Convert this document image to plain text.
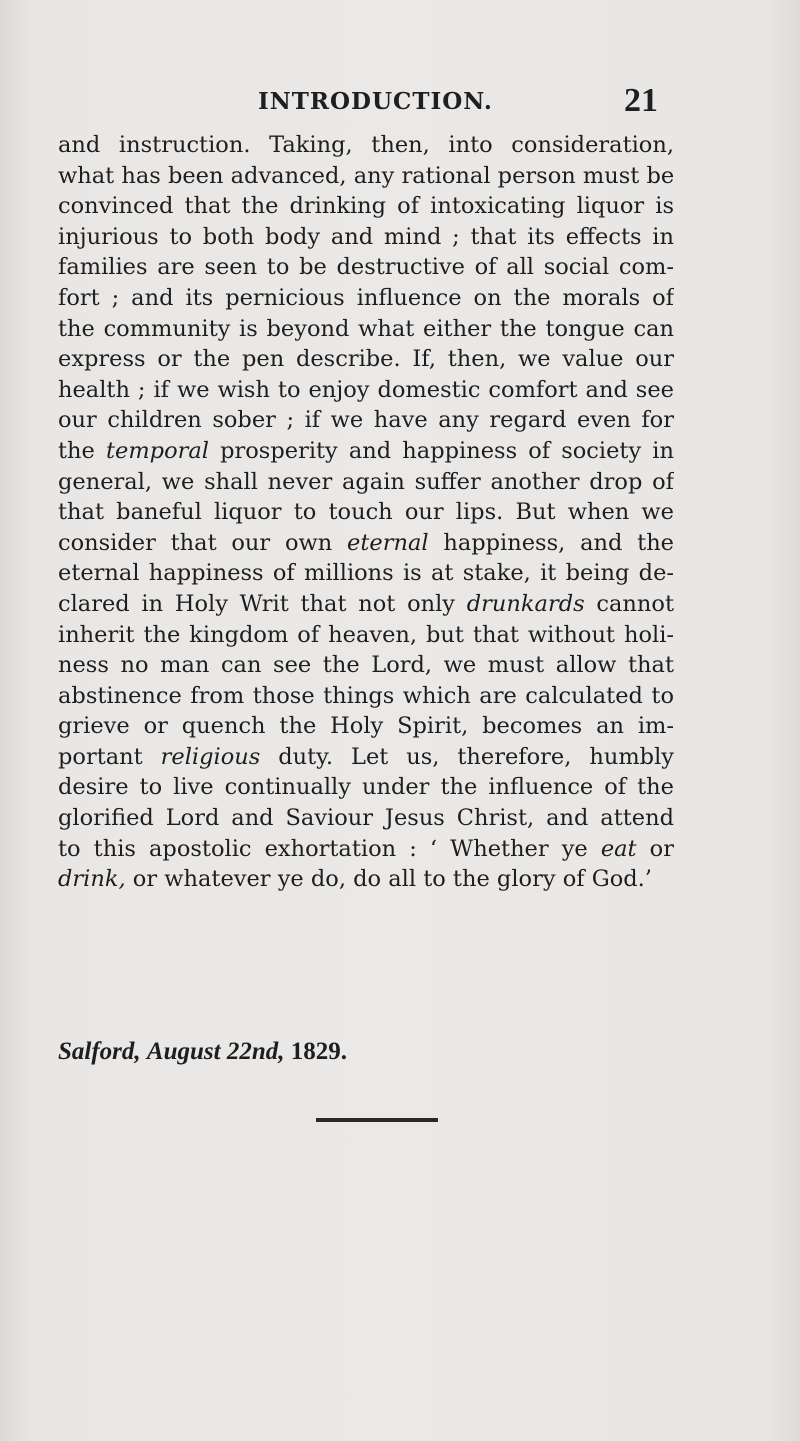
INTRODUCTION.	21
and instruction. Taking, then, into consideration,
what has been advanced, any rational person must be
convinced that the drinking of intoxicating liquor is
injurious to both body and mind ; that its effects in
families are seen to be destructive of all social com-
fort ; and its pernicious influence on the morals of
the community is beyond what either the tongue can
express or the pen describe. If, then, we value our
health ; if we wish to enjoy domestic comfort and see
our children sober ; if we have any regard even for
the temporal prosperity and happiness of society in
general, we shall never again suffer another drop of
that baneful liquor to touch our lips. But when we
consider that our own eternal happiness, and the
eternal happiness of millions is at stake, it being de-
clared in Holy Writ that not only drunkards cannot
inherit the kingdom of heaven, but that without holi-
ness no man can see the Lord, we must allow that
abstinence from those things which are calculated to
grieve or quench the Holy Spirit, becomes an im-
portant religious duty. Let us, therefore, humbly
desire to live continually under the influence of the
glorified Lord and Saviour Jesus Christ, and attend
to this apostolic exhortation : ‘ Whether ye eat or
drink, or whatever ye do, do all to the glory of God.’
Salford, August 22nd, 1829.
